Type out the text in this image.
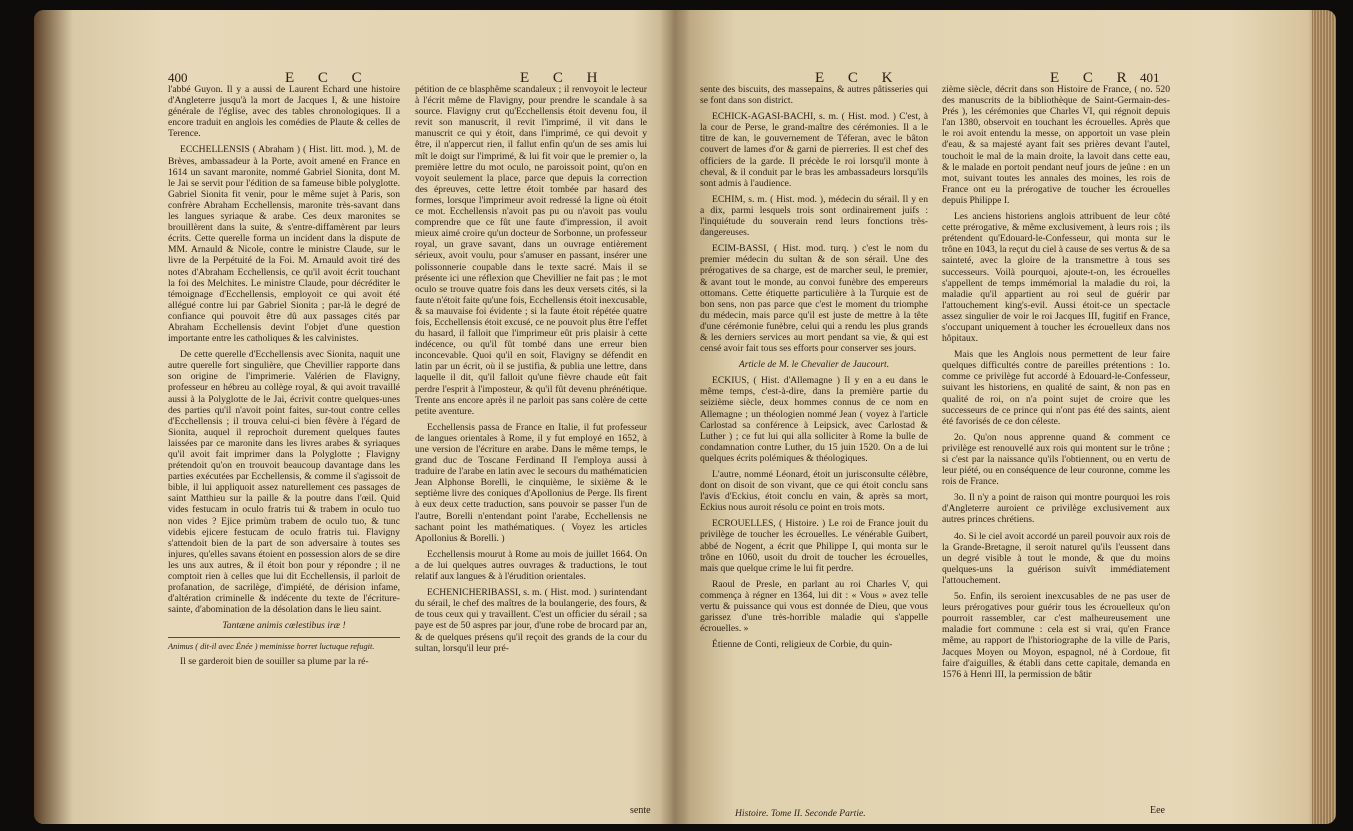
400	E C C	E C H

l'abbé Guyon. Il y a aussi de Laurent Echard une histoire d'Angleterre jusqu'à la mort de Jacques I, & une histoire générale de l'église, avec des tables chronologiques. Il a encore traduit en anglois les comédies de Plaute & celles de Terence.

ECCHELLENSIS ( Abraham ) ( Hist. litt. mod. ), M. de Brèves, ambassadeur à la Porte, avoit amené en France en 1614 un savant maronite, nommé Gabriel Sionita, dont M. le Jai se servit pour l'édition de sa fameuse bible polyglotte. Gabriel Sionita fit venir, pour le même sujet à Paris, son confrère Abraham Ecchellensis, maronite très-savant dans les langues syriaque & arabe. Ces deux maronites se brouillèrent dans la suite, & s'entre-diffamèrent par leurs écrits. Cette querelle forma un incident dans la dispute de MM. Arnauld & Nicole, contre le ministre Claude, sur le livre de la Perpétuité de la Foi. M. Arnauld avoit tiré des notes d'Abraham Ecchellensis, ce qu'il avoit écrit touchant la foi des Melchites. Le ministre Claude, pour décréditer le témoignage d'Ecchellensis, employoit ce qui avoit été allégué contre lui par Gabriel Sionita ; par-là le degré de confiance qui pouvoit être dû aux passages cités par Abraham Ecchellensis devint l'objet d'une question importante entre les catholiques & les calvinistes.

De cette querelle d'Ecchellensis avec Sionita, naquit une autre querelle fort singulière, que Chevillier rapporte dans son origine de l'imprimerie. Valérien de Flavigny, professeur en hébreu au collège royal, & qui avoit travaillé aussi à la Polyglotte de le Jai, écrivit contre quelques-unes des parties qu'il n'avoit point faites, sur-tout contre celles d'Ecchellensis ; il trouva celui-ci bien fêvère à l'égard de Sionita, auquel il reprochoit durement quelques fautes laissées par ce maronite dans les livres arabes & syriaques qu'il avoit fait imprimer dans la Polyglotte ; Flavigny prétendoit qu'on en trouvoit beaucoup davantage dans les parties exécutées par Ecchellensis, & comme il s'agissoit de bible, il lui appliquoit assez naturellement ces passages de saint Matthieu sur la paille & la poutre dans l'œil. Quid vides festucam in oculo fratris tui & trabem in oculo tuo non vides ? Ejice primùm trabem de oculo tuo, & tunc videbis ejicere festucam de oculo fratris tui. Flavigny s'attendoit bien de la part de son adversaire à toutes ses injures, qu'elles savans étoient en possession alors de se dire les uns aux autres, & il étoit bon pour y répondre ; il ne comptoit rien à celles que lui dit Ecchellensis, il parloit de profanation, de sacrilège, d'impiété, de dérision infame, d'altération criminelle & indécente du texte de l'écriture-sainte, d'abomination de la désolation dans le lieu saint.

Tantæne animis cœlestibus iræ !

Animus ( dit-il avec Énée ) meminisse horret luctuque refugit.

Il se garderoit bien de souiller sa plume par la ré-

pétition de ce blasphême scandaleux ; il renvoyoit le lecteur à l'écrit même de Flavigny, pour prendre le scandale à sa source. Flavigny crut qu'Ecchellensis étoit devenu fou, il revit son manuscrit, il revit l'imprimé, il vit dans le manuscrit ce qui y étoit, dans l'imprimé, ce qui devoit y être, il n'appercut rien, il fallut enfin qu'un de ses amis lui mît le doigt sur l'imprimé, & lui fit voir que le premier o, la première lettre du mot oculo, ne paroissoit point, qu'on en voyoit seulement la place, parce que depuis la correction des épreuves, cette lettre étoit tombée par hasard des formes, lorsque l'imprimeur avoit redressé la ligne où étoit ce mot. Ecchellensis n'avoit pas pu ou n'avoit pas voulu comprendre que ce fût une faute d'impression, il avoit mieux aimé croire qu'un docteur de Sorbonne, un professeur royal, un grave savant, dans un ouvrage entièrement sérieux, avoit voulu, pour s'amuser en passant, insérer une polissonnerie coupable dans le texte sacré. Mais il se présente ici une réflexion que Chevillier ne fait pas ; le mot oculo se trouve quatre fois dans les deux versets cités, si la faute n'étoit faite qu'une fois, Ecchellensis étoit inexcusable, & sa mauvaise foi évidente ; si la faute étoit répétée quatre fois, Ecchellensis étoit excusé, ce ne pouvoit plus être l'effet du hasard, il falloit que l'imprimeur eût pris plaisir à cette indécence, ou qu'il fût tombé dans une erreur bien inconcevable. Quoi qu'il en soit, Flavigny se défendit en latin par un écrit, où il se justifia, & publia une lettre, dans laquelle il dit, qu'il falloit qu'une fièvre chaude eût fait perdre l'esprit à l'imposteur, & qu'il fût devenu phrénétique. Trente ans encore après il ne parloit pas sans colère de cette petite aventure.

Ecchellensis passa de France en Italie, il fut professeur de langues orientales à Rome, il y fut employé en 1652, à une version de l'écriture en arabe. Dans le même temps, le grand duc de Toscane Ferdinand II l'employa aussi à traduire de l'arabe en latin avec le secours du mathématicien Jean Alphonse Borelli, le cinquième, le sixième & le septième livre des coniques d'Apollonius de Perge. Ils firent à eux deux cette traduction, sans pouvoir se passer l'un de l'autre, Borelli n'entendant point l'arabe, Ecchellensis ne sachant point les mathématiques. ( Voyez les articles Apollonius & Borelli. )

Ecchellensis mourut à Rome au mois de juillet 1664. On a de lui quelques autres ouvrages & traductions, le tout relatif aux langues & à l'érudition orientales.

ECHENICHERIBASSI, s. m. ( Hist. mod. ) surintendant du sérail, le chef des maîtres de la boulangerie, des fours, & de tous ceux qui y travaillent. C'est un officier du sérail ; sa paye est de 50 aspres par jour, d'une robe de brocard par an, & de quelques présens qu'il reçoit des grands de la cour du sultan, lorsqu'il leur pré-

sente
E C K	E C R 401

sente des biscuits, des massepains, & autres pâtisseries qui se font dans son district.

ECHICK-AGASI-BACHI, s. m. ( Hist. mod. ) C'est, à la cour de Perse, le grand-maître des cérémonies. Il a le titre de kan, le gouvernement de Téferan, avec le bâton couvert de lames d'or & garni de pierreries. Il est chef des officiers de la garde. Il précède le roi lorsqu'il monte à cheval, & il conduit par le bras les ambassadeurs lorsqu'ils sont admis à l'audience.

ECHIM, s. m. ( Hist. mod. ), médecin du sérail. Il y en a dix, parmi lesquels trois sont ordinairement juifs : l'inquiétude du souverain rend leurs fonctions très-dangereuses.

ECIM-BASSI, ( Hist. mod. turq. ) c'est le nom du premier médecin du sultan & de son sérail. Une des prérogatives de sa charge, est de marcher seul, le premier, & avant tout le monde, au convoi funèbre des empereurs ottomans. Cette étiquette particulière à la Turquie est de bon sens, non pas parce que c'est le moment du triomphe du médecin, mais parce qu'il est juste de mettre à la tête d'une cérémonie funèbre, celui qui a rendu les plus grands & les derniers services au mort pendant sa vie, & qui est censé avoir fait tous ses efforts pour conserver ses jours.

Article de M. le Chevalier de Jaucourt.

ECKIUS, ( Hist. d'Allemagne ) Il y en a eu dans le même temps, c'est-à-dire, dans la première partie du seizième siècle, deux hommes connus de ce nom en Allemagne ; un théologien nommé Jean ( voyez à l'article Carlostad sa conférence à Leipsick, avec Carlostad & Luther ) ; ce fut lui qui alla solliciter à Rome la bulle de condamnation contre Luther, du 15 juin 1520. On a de lui quelques écrits polémiques & théologiques.

L'autre, nommé Léonard, étoit un jurisconsulte célèbre, dont on disoit de son vivant, que ce qui étoit conclu sans l'avis d'Eckius, étoit conclu en vain, & après sa mort, Eckius nous auroit résolu ce point en trois mots.

ECROUELLES, ( Histoire. ) Le roi de France jouit du privilège de toucher les écrouelles. Le vénérable Guibert, abbé de Nogent, a écrit que Philippe I, qui monta sur le trône en 1060, usoit du droit de toucher les écrouelles, mais que quelque crime le lui fit perdre.

Raoul de Presle, en parlant au roi Charles V, qui commença à régner en 1364, lui dit : « Vous » avez telle vertu & puissance qui vous est donnée de Dieu, que vous garissez d'une très-horrible maladie qui s'appelle écrouelles. »

Étienne de Conti, religieux de Corbie, du quin-

zième siècle, décrit dans son Histoire de France, ( no. 520 des manuscrits de la bibliothèque de Saint-Germain-des-Prés ), les cérémonies que Charles VI, qui régnoit depuis l'an 1380, observoit en touchant les écrouelles. Après que le roi avoit entendu la messe, on apportoit un vase plein d'eau, & sa majesté ayant fait ses prières devant l'autel, touchoit le mal de la main droite, la lavoit dans cette eau, & le malade en portoit pendant neuf jours de jeûne : en un mot, suivant toutes les annales des moines, les rois de France ont eu la prérogative de toucher les écrouelles depuis Philippe I.

Les anciens historiens anglois attribuent de leur côté cette prérogative, & même exclusivement, à leurs rois ; ils prétendent qu'Edouard-le-Confesseur, qui monta sur le trône en 1043, la reçut du ciel à cause de ses vertus & de sa sainteté, avec la gloire de la transmettre à tous ses successeurs. Voilà pourquoi, ajoute-t-on, les écrouelles s'appellent de temps immémorial la maladie du roi, la maladie qu'il appartient au roi seul de guérir par l'attouchement king's-evil. Aussi étoit-ce un spectacle assez singulier de voir le roi Jacques III, fugitif en France, s'occupant uniquement à toucher les écrouelleux dans nos hôpitaux.

Mais que les Anglois nous permettent de leur faire quelques difficultés contre de pareilles prétentions : 1o. comme ce privilège fut accordé à Edouard-le-Confesseur, suivant les historiens, en qualité de saint, & non pas en qualité de roi, on n'a point sujet de croire que les successeurs de ce prince qui n'ont pas été des saints, aient été favorisés de ce don céleste.

2o. Qu'on nous apprenne quand & comment ce privilège est renouvellé aux rois qui montent sur le trône ; si c'est par la naissance qu'ils l'obtiennent, ou en vertu de leur piété, ou en conséquence de leur couronne, comme les rois de France.

3o. Il n'y a point de raison qui montre pourquoi les rois d'Angleterre auroient ce privilège exclusivement aux autres princes chrétiens.

4o. Si le ciel avoit accordé un pareil pouvoir aux rois de la Grande-Bretagne, il seroit naturel qu'ils l'eussent dans un degré visible à tout le monde, & que du moins quelques-uns la guérison suivît immédiatement l'attouchement.

5o. Enfin, ils seroient inexcusables de ne pas user de leurs prérogatives pour guérir tous les écrouelleux qu'on pourroit rassembler, car c'est malheureusement une maladie fort commune : cela est si vrai, qu'en France même, au rapport de l'historiographe de la ville de Paris, Jacques Moyen ou Moyon, espagnol, né à Cordoue, fit faire d'aiguilles, & établi dans cette capitale, demanda en 1576 à Henri III, la permission de bâtir

Histoire. Tome II. Seconde Partie.	Eee
